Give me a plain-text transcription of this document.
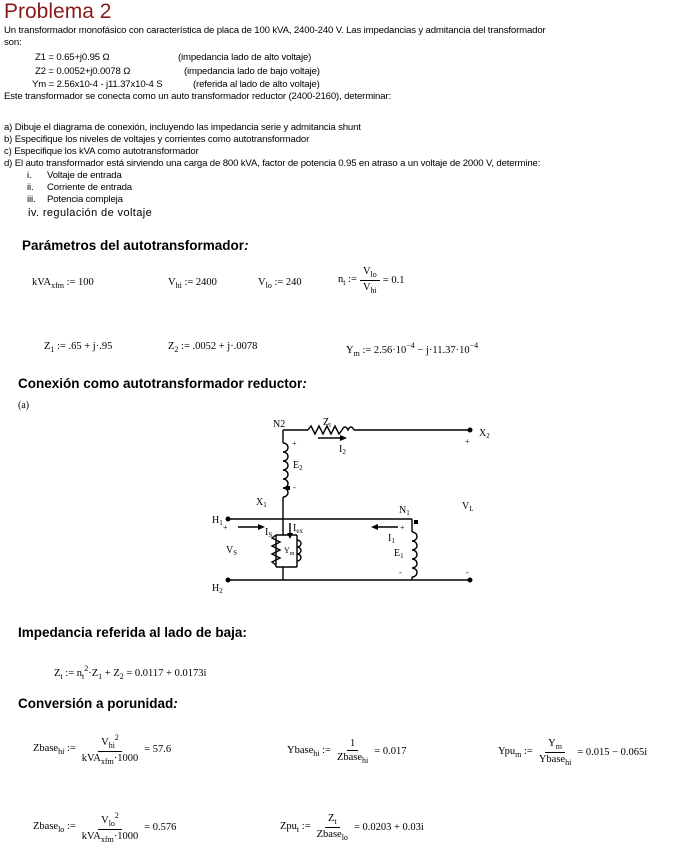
Problema 2
Un transformador monofásico con característica de placa de 100 kVA, 2400-240 V. Las impedancias y admitancia del transformador
son:
Z1 = 0.65+j0.95 Ω	(impedancia lado de alto voltaje)
Z2 = 0.0052+j0.0078 Ω	(impedancia lado de bajo voltaje)
Ym = 2.56x10-4 - j11.37x10-4 S	(referida al lado de alto voltaje)
Este transformador se conecta como un auto transformador reductor (2400-2160), determinar:
a) Dibuje el diagrama de conexión, incluyendo las impedancia serie y admitancia shunt
b) Especifique los niveles de voltajes y corrientes como autotransformador
c) Especifique los kVA como autotransformador
d) El auto transformador está sirviendo una carga de 800 kVA, factor de potencia 0.95 en atraso a un voltaje de 2000 V, determine:
i. Voltaje de entrada
ii. Corriente de entrada
iii. Potencia compleja
iv. regulación de voltaje
Parámetros del autotransformador:
kVA$_{xfm}$ := 100	$V_{hi}$ := 2400	$V_{lo}$ := 240	$n_t$ := $\frac{V_{lo}}{V_{hi}} = 0.1$
$Z_1$ := .65 + j·.95	$Z_2$ := .0052 + j·.0078	$Y_m$ := $2.56\cdot 10^{-4} - j\cdot 11.37\cdot 10^{-4}$
Conexión como autotransformador reductor:
(a)
N2	$Z_t$
$I_2$
$X_2$
+
+
$E_2$
-
$X_1$
$H_1$ +	$I_S$
$I_{ex}$
$V_S$	$Y_m$
$I_1$
+
$E_1$
-
$N_1$
$V_L$
-
$H_2$
Impedancia referida al lado de baja:
$Z_t$ := $n_t^2\cdot Z_1 + Z_2 = 0.0117 + 0.0173i$
Conversión a porunidad:
Zbase$_{hi}$ := $\frac{V_{hi}^2}{kVA_{xfm}\cdot 1000} = 57.6$	Ybase$_{hi}$ := $\frac{1}{Zbase_{hi}} = 0.017$	Ypu$_m$ := $\frac{Y_m}{Ybase_{hi}} = 0.015 - 0.065i$
Zbase$_{lo}$ := $\frac{V_{lo}^2}{kVA_{xfm}\cdot 1000} = 0.576$	Zpu$_t$ := $\frac{Z_t}{Zbase_{lo}} = 0.0203 + 0.03i$
